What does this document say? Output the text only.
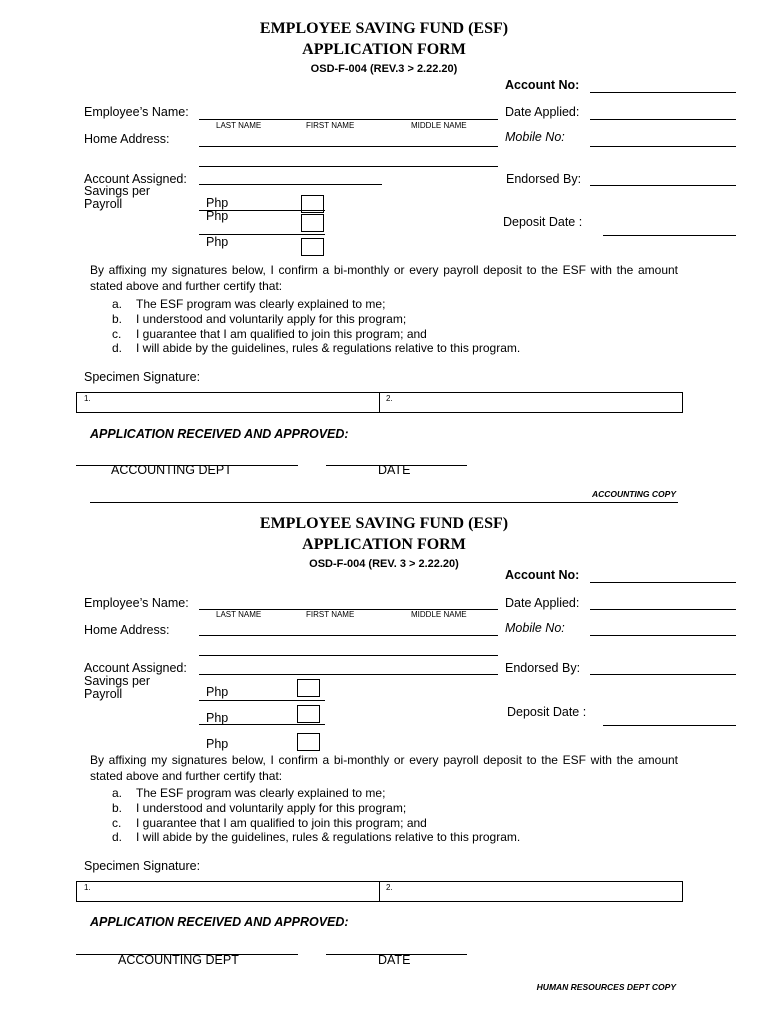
EMPLOYEE SAVING FUND (ESF)
APPLICATION FORM
OSD-F-004 (REV.3 > 2.22.20)
Account No:
Employee’s Name:
LAST NAME	FIRST NAME	MIDDLE NAME
Date Applied:
Home Address:	Mobile No:
Account Assigned:
Savings per
Payroll
Endorsed By:
Php
Php
Php
Deposit Date :
By affixing my signatures below, I confirm a bi-monthly or every payroll deposit to the ESF with the amount stated above and further certify that:
a. The ESF program was clearly explained to me;
b. I understood and voluntarily apply for this program;
c. I guarantee that I am qualified to join this program; and
d. I will abide by the guidelines, rules & regulations relative to this program.
Specimen Signature:
1.	2.
APPLICATION RECEIVED AND APPROVED:
ACCOUNTING DEPT	DATE
ACCOUNTING COPY
EMPLOYEE SAVING FUND (ESF)
APPLICATION FORM
OSD-F-004 (REV. 3 > 2.22.20)
Account No:
Employee’s Name:
LAST NAME	FIRST NAME	MIDDLE NAME
Date Applied:
Home Address:	Mobile No:
Account Assigned:
Savings per
Payroll
Endorsed By:
Php
Php
Php
Deposit Date :
By affixing my signatures below, I confirm a bi-monthly or every payroll deposit to the ESF with the amount stated above and further certify that:
a. The ESF program was clearly explained to me;
b. I understood and voluntarily apply for this program;
c. I guarantee that I am qualified to join this program; and
d. I will abide by the guidelines, rules & regulations relative to this program.
Specimen Signature:
1.	2.
APPLICATION RECEIVED AND APPROVED:
ACCOUNTING DEPT	DATE
HUMAN RESOURCES DEPT COPY
